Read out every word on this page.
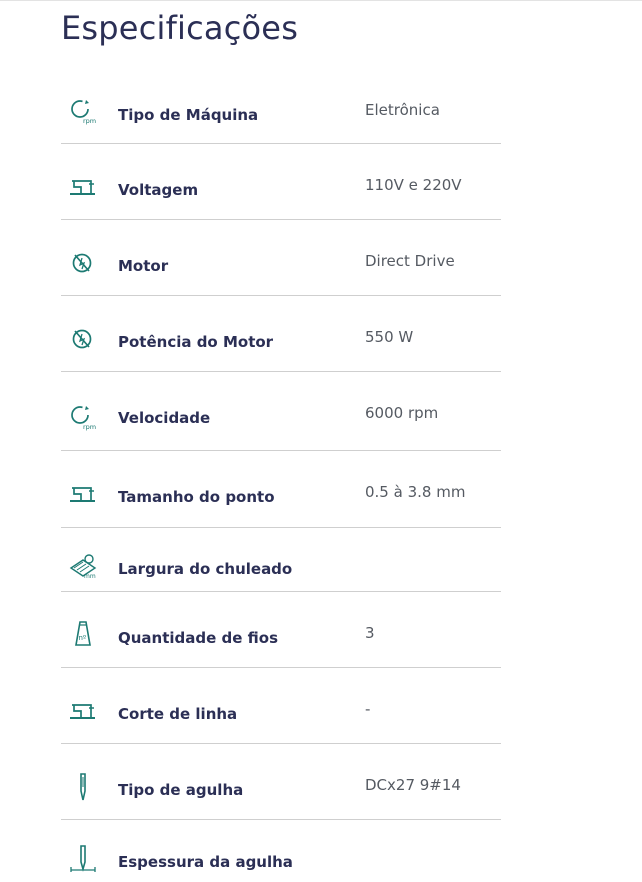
Especificações
rpm Tipo de Máquina	Eletrônica
Voltagem	110V e 220V
Motor	Direct Drive
Potência do Motor	550 W
rpm Velocidade	6000 rpm
Tamanho do ponto	0.5 à 3.8 mm
mm Largura do chuleado
nº Quantidade de fios	3
Corte de linha	-
Tipo de agulha	DCx27 9#14
Espessura da agulha
